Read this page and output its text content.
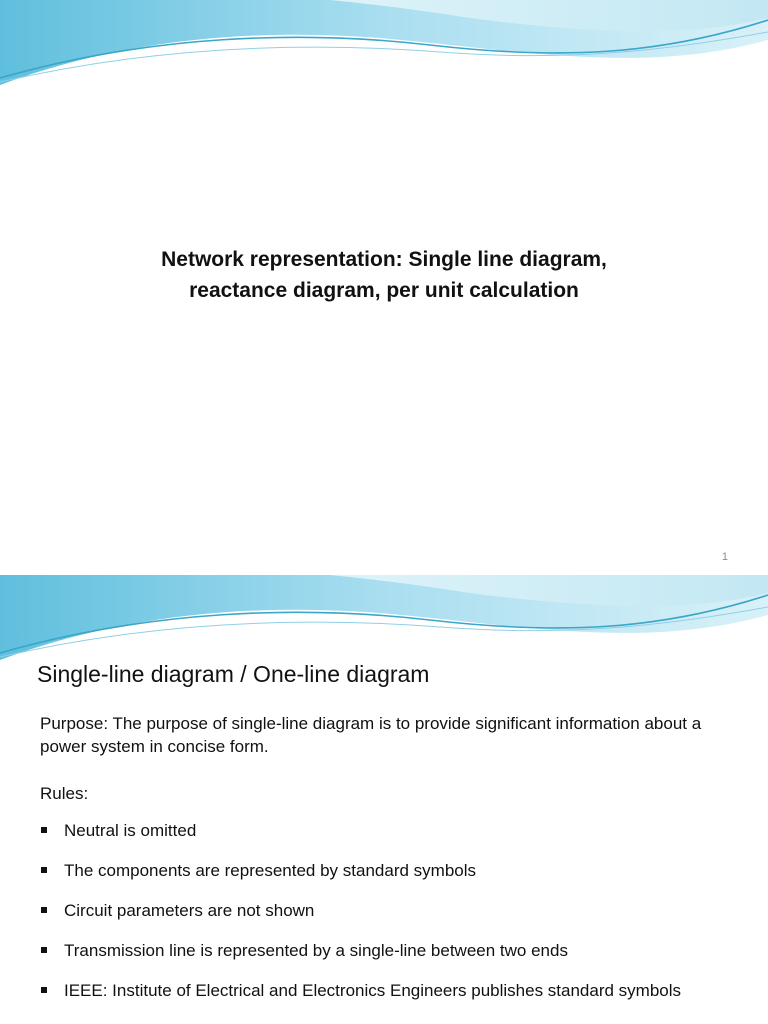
Network representation: Single line diagram, reactance diagram, per unit calculation
1
Single-line diagram / One-line diagram

Purpose: The purpose of single-line diagram is to provide significant information about a power system in concise form.

Rules:

Neutral is omitted
The components are represented by standard symbols
Circuit parameters are not shown
Transmission line is represented by a single-line between two ends
IEEE: Institute of Electrical and Electronics Engineers publishes standard symbols
